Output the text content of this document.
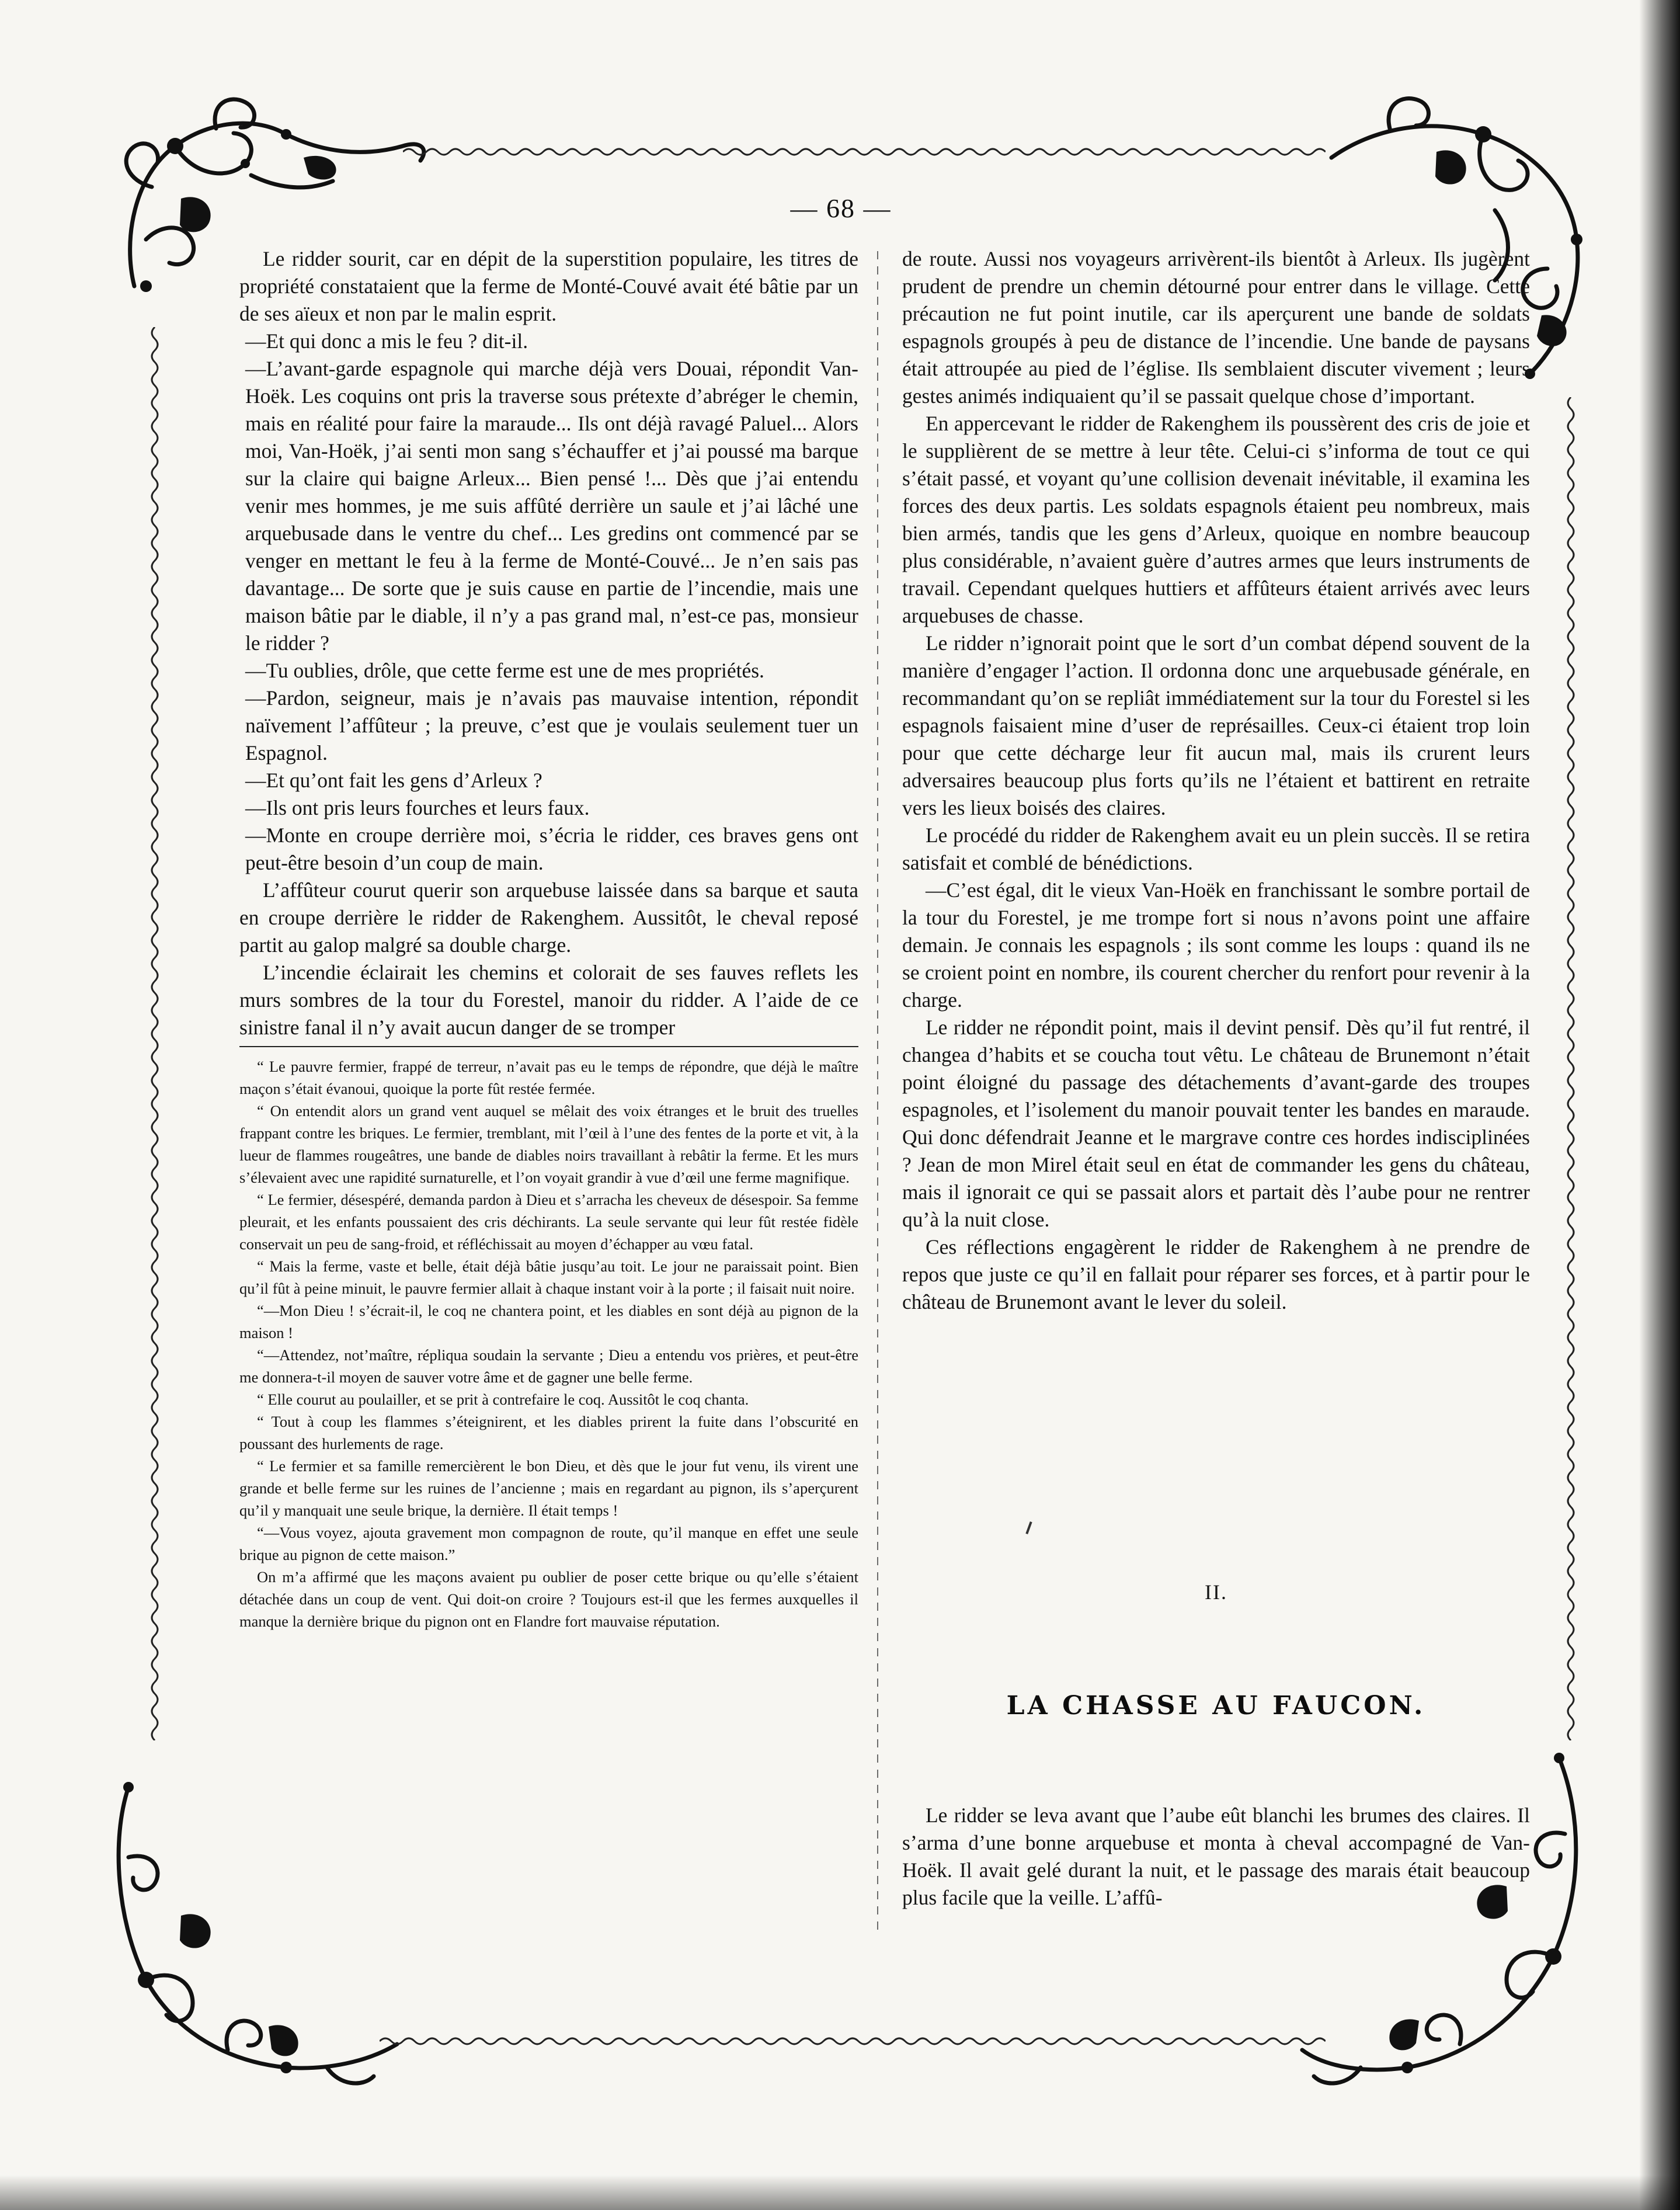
— 68 —

Le ridder sourit, car en dépit de la superstition populaire, les titres de propriété constataient que la ferme de Monté-Couvé avait été bâtie par un de ses aïeux et non par le malin esprit.

—Et qui donc a mis le feu ? dit-il.

—L’avant-garde espagnole qui marche déjà vers Douai, répondit Van-Hoëk. Les coquins ont pris la traverse sous prétexte d’abréger le chemin, mais en réalité pour faire la maraude... Ils ont déjà ravagé Paluel... Alors moi, Van-Hoëk, j’ai senti mon sang s’échauffer et j’ai poussé ma barque sur la claire qui baigne Arleux... Bien pensé !... Dès que j’ai entendu venir mes hommes, je me suis affûté derrière un saule et j’ai lâché une arquebusade dans le ventre du chef... Les gredins ont commencé par se venger en mettant le feu à la ferme de Monté-Couvé... Je n’en sais pas davantage... De sorte que je suis cause en partie de l’incendie, mais une maison bâtie par le diable, il n’y a pas grand mal, n’est-ce pas, monsieur le ridder ?

—Tu oublies, drôle, que cette ferme est une de mes propriétés.

—Pardon, seigneur, mais je n’avais pas mauvaise intention, répondit naïvement l’affûteur ; la preuve, c’est que je voulais seulement tuer un Espagnol.

—Et qu’ont fait les gens d’Arleux ?

—Ils ont pris leurs fourches et leurs faux.

—Monte en croupe derrière moi, s’écria le ridder, ces braves gens ont peut-être besoin d’un coup de main.

L’affûteur courut querir son arquebuse laissée dans sa barque et sauta en croupe derrière le ridder de Rakenghem. Aussitôt, le cheval reposé partit au galop malgré sa double charge.

L’incendie éclairait les chemins et colorait de ses fauves reflets les murs sombres de la tour du Forestel, manoir du ridder. A l’aide de ce sinistre fanal il n’y avait aucun danger de se tromper

“ Le pauvre fermier, frappé de terreur, n’avait pas eu le temps de répondre, que déjà le maître maçon s’était évanoui, quoique la porte fût restée fermée.

“ On entendit alors un grand vent auquel se mêlait des voix étranges et le bruit des truelles frappant contre les briques. Le fermier, tremblant, mit l’œil à l’une des fentes de la porte et vit, à la lueur de flammes rougeâtres, une bande de diables noirs travaillant à rebâtir la ferme. Et les murs s’élevaient avec une rapidité surnaturelle, et l’on voyait grandir à vue d’œil une ferme magnifique.

“ Le fermier, désespéré, demanda pardon à Dieu et s’arracha les cheveux de désespoir. Sa femme pleurait, et les enfants poussaient des cris déchirants. La seule servante qui leur fût restée fidèle conservait un peu de sang-froid, et réfléchissait au moyen d’échapper au vœu fatal.

“ Mais la ferme, vaste et belle, était déjà bâtie jusqu’au toit. Le jour ne paraissait point. Bien qu’il fût à peine minuit, le pauvre fermier allait à chaque instant voir à la porte ; il faisait nuit noire.

“—Mon Dieu ! s’écrait-il, le coq ne chantera point, et les diables en sont déjà au pignon de la maison !

“—Attendez, not’maître, répliqua soudain la servante ; Dieu a entendu vos prières, et peut-être me donnera-t-il moyen de sauver votre âme et de gagner une belle ferme.

“ Elle courut au poulailler, et se prit à contrefaire le coq. Aussitôt le coq chanta.

“ Tout à coup les flammes s’éteignirent, et les diables prirent la fuite dans l’obscurité en poussant des hurlements de rage.

“ Le fermier et sa famille remercièrent le bon Dieu, et dès que le jour fut venu, ils virent une grande et belle ferme sur les ruines de l’ancienne ; mais en regardant au pignon, ils s’aperçurent qu’il y manquait une seule brique, la dernière. Il était temps !

“—Vous voyez, ajouta gravement mon compagnon de route, qu’il manque en effet une seule brique au pignon de cette maison.”

On m’a affirmé que les maçons avaient pu oublier de poser cette brique ou qu’elle s’étaient détachée dans un coup de vent. Qui doit-on croire ? Toujours est-il que les fermes auxquelles il manque la dernière brique du pignon ont en Flandre fort mauvaise réputation.

de route. Aussi nos voyageurs arrivèrent-ils bientôt à Arleux. Ils jugèrent prudent de prendre un chemin détourné pour entrer dans le village. Cette précaution ne fut point inutile, car ils aperçurent une bande de soldats espagnols groupés à peu de distance de l’incendie. Une bande de paysans était attroupée au pied de l’église. Ils semblaient discuter vivement ; leurs gestes animés indiquaient qu’il se passait quelque chose d’important.

En appercevant le ridder de Rakenghem ils poussèrent des cris de joie et le supplièrent de se mettre à leur tête. Celui-ci s’informa de tout ce qui s’était passé, et voyant qu’une collision devenait inévitable, il examina les forces des deux partis. Les soldats espagnols étaient peu nombreux, mais bien armés, tandis que les gens d’Arleux, quoique en nombre beaucoup plus considérable, n’avaient guère d’autres armes que leurs instruments de travail. Cependant quelques huttiers et affûteurs étaient arrivés avec leurs arquebuses de chasse.

Le ridder n’ignorait point que le sort d’un combat dépend souvent de la manière d’engager l’action. Il ordonna donc une arquebusade générale, en recommandant qu’on se repliât immédiatement sur la tour du Forestel si les espagnols faisaient mine d’user de représailles. Ceux-ci étaient trop loin pour que cette décharge leur fit aucun mal, mais ils crurent leurs adversaires beaucoup plus forts qu’ils ne l’étaient et battirent en retraite vers les lieux boisés des claires.

Le procédé du ridder de Rakenghem avait eu un plein succès. Il se retira satisfait et comblé de bénédictions.

—C’est égal, dit le vieux Van-Hoëk en franchissant le sombre portail de la tour du Forestel, je me trompe fort si nous n’avons point une affaire demain. Je connais les espagnols ; ils sont comme les loups : quand ils ne se croient point en nombre, ils courent chercher du renfort pour revenir à la charge.

Le ridder ne répondit point, mais il devint pensif. Dès qu’il fut rentré, il changea d’habits et se coucha tout vêtu. Le château de Brunemont n’était point éloigné du passage des détachements d’avant-garde des troupes espagnoles, et l’isolement du manoir pouvait tenter les bandes en maraude. Qui donc défendrait Jeanne et le margrave contre ces hordes indisciplinées ? Jean de mon Mirel était seul en état de commander les gens du château, mais il ignorait ce qui se passait alors et partait dès l’aube pour ne rentrer qu’à la nuit close.

Ces réflections engagèrent le ridder de Rakenghem à ne prendre de repos que juste ce qu’il en fallait pour réparer ses forces, et à partir pour le château de Brunemont avant le lever du soleil.

II.
LA CHASSE AU FAUCON.

Le ridder se leva avant que l’aube eût blanchi les brumes des claires. Il s’arma d’une bonne arquebuse et monta à cheval accompagné de Van-Hoëk. Il avait gelé durant la nuit, et le passage des marais était beaucoup plus facile que la veille. L’affû-
